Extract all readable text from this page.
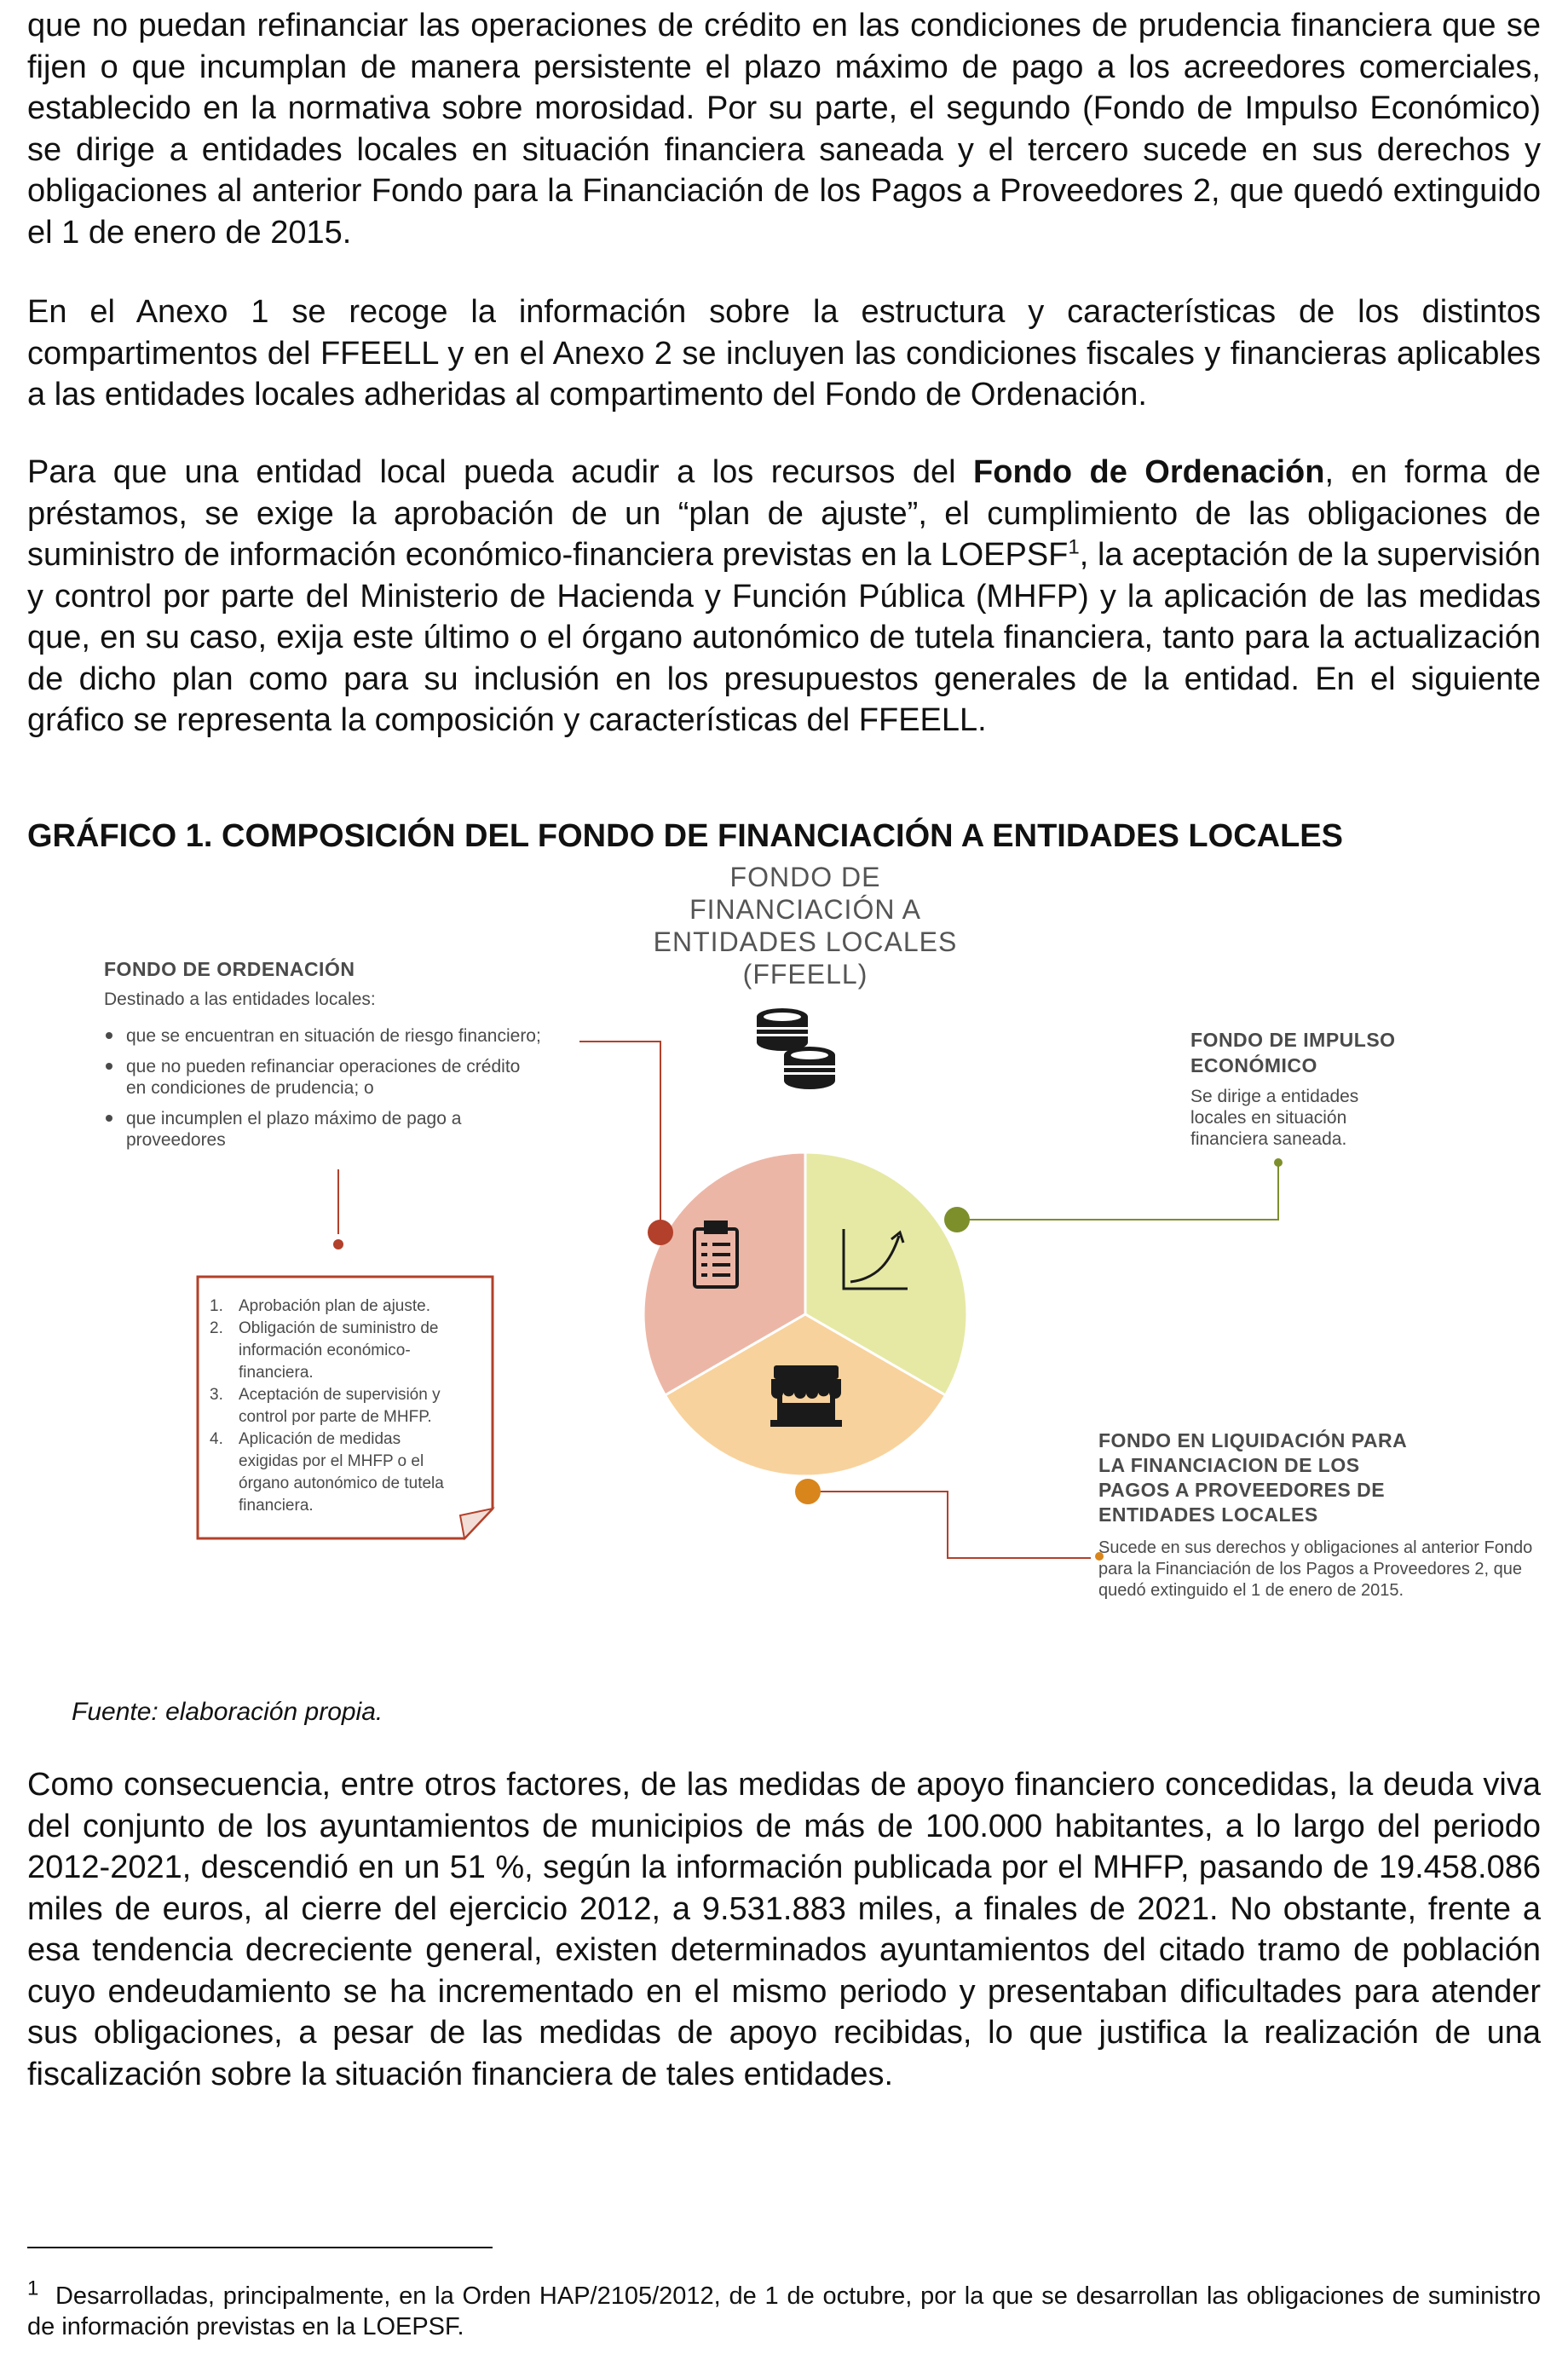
que no puedan refinanciar las operaciones de crédito en las condiciones de prudencia financiera que se fijen o que incumplan de manera persistente el plazo máximo de pago a los acreedores comerciales, establecido en la normativa sobre morosidad. Por su parte, el segundo (Fondo de Impulso Económico) se dirige a entidades locales en situación financiera saneada y el tercero sucede en sus derechos y obligaciones al anterior Fondo para la Financiación de los Pagos a Proveedores 2, que quedó extinguido el 1 de enero de 2015.

En el Anexo 1 se recoge la información sobre la estructura y características de los distintos compartimentos del FFEELL y en el Anexo 2 se incluyen las condiciones fiscales y financieras aplicables a las entidades locales adheridas al compartimento del Fondo de Ordenación.

Para que una entidad local pueda acudir a los recursos del Fondo de Ordenación, en forma de préstamos, se exige la aprobación de un “plan de ajuste”, el cumplimiento de las obligaciones de suministro de información económico-financiera previstas en la LOEPSF$^1$, la aceptación de la supervisión y control por parte del Ministerio de Hacienda y Función Pública (MHFP) y la aplicación de las medidas que, en su caso, exija este último o el órgano autonómico de tutela financiera, tanto para la actualización de dicho plan como para su inclusión en los presupuestos generales de la entidad. En el siguiente gráfico se representa la composición y características del FFEELL.

GRÁFICO 1. COMPOSICIÓN DEL FONDO DE FINANCIACIÓN A ENTIDADES LOCALES
FONDO DE
FINANCIACIÓN A
ENTIDADES LOCALES
(FFEELL)
FONDO DE ORDENACIÓN
Destinado a las entidades locales:
que se encuentran en situación de riesgo financiero;
que no pueden refinanciar operaciones de crédito
en condiciones de prudencia; o
que incumplen el plazo máximo de pago a
proveedores
1. Aprobación plan de ajuste.
2. Obligación de suministro de
información económico-
financiera.
3. Aceptación de supervisión y
control por parte de MHFP.
4. Aplicación de medidas
exigidas por el MHFP o el
órgano autonómico de tutela
financiera.
FONDO DE IMPULSO
ECONÓMICO
Se dirige a entidades
locales en situación
financiera saneada.
FONDO EN LIQUIDACIÓN PARA
LA FINANCIACION DE LOS
PAGOS A PROVEEDORES DE
ENTIDADES LOCALES
Sucede en sus derechos y obligaciones al anterior Fondo
para la Financiación de los Pagos a Proveedores 2, que
quedó extinguido el 1 de enero de 2015.

Fuente: elaboración propia.

Como consecuencia, entre otros factores, de las medidas de apoyo financiero concedidas, la deuda viva del conjunto de los ayuntamientos de municipios de más de 100.000 habitantes, a lo largo del periodo 2012-2021, descendió en un 51 %, según la información publicada por el MHFP, pasando de 19.458.086 miles de euros, al cierre del ejercicio 2012, a 9.531.883 miles, a finales de 2021. No obstante, frente a esa tendencia decreciente general, existen determinados ayuntamientos del citado tramo de población cuyo endeudamiento se ha incrementado en el mismo periodo y presentaban dificultades para atender sus obligaciones, a pesar de las medidas de apoyo recibidas, lo que justifica la realización de una fiscalización sobre la situación financiera de tales entidades.

$^1$ Desarrolladas, principalmente, en la Orden HAP/2105/2012, de 1 de octubre, por la que se desarrollan las obligaciones de suministro de información previstas en la LOEPSF.
